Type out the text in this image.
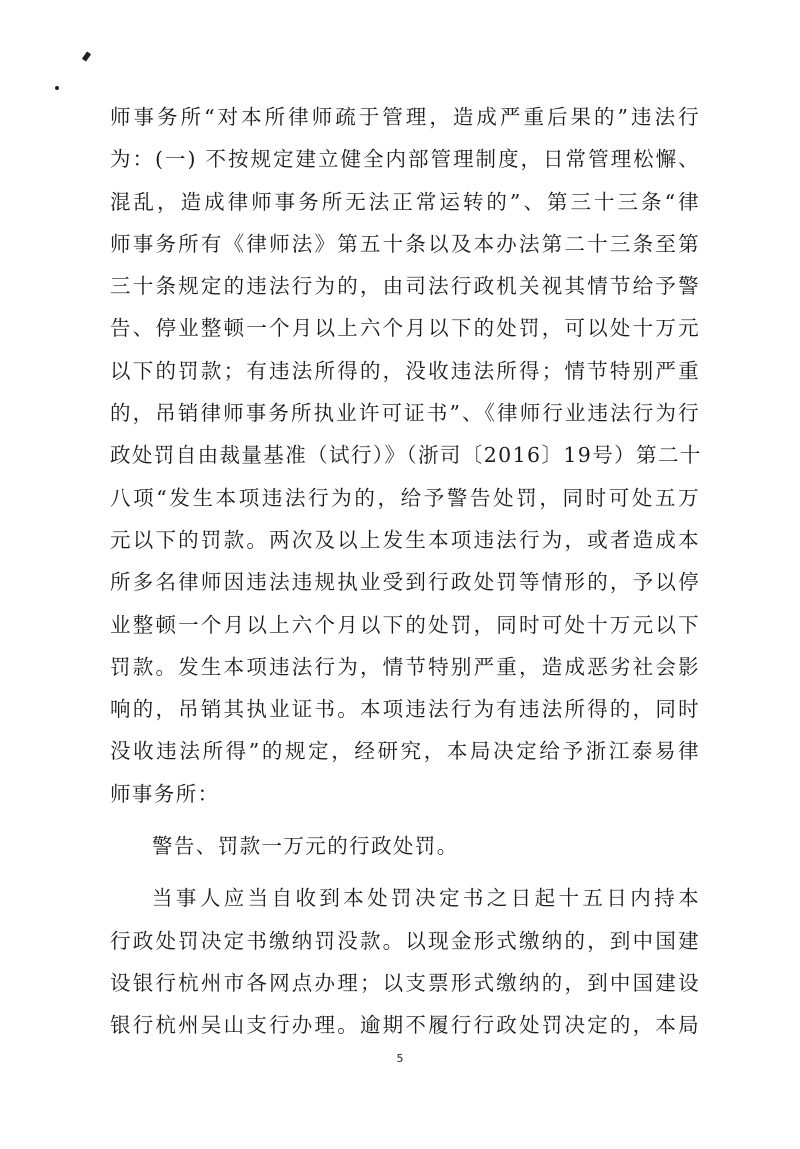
师事务所“对本所律师疏于管理，造成严重后果的”违法行
为：(一) 不按规定建立健全内部管理制度，日常管理松懈、
混乱，造成律师事务所无法正常运转的”、第三十三条“律
师事务所有《律师法》第五十条以及本办法第二十三条至第
三十条规定的违法行为的，由司法行政机关视其情节给予警
告、停业整顿一个月以上六个月以下的处罚，可以处十万元
以下的罚款；有违法所得的，没收违法所得；情节特别严重
的，吊销律师事务所执业许可证书”、《律师行业违法行为行
政处罚自由裁量基准（试行）》（浙司〔2016〕19号）第二十
八项“发生本项违法行为的，给予警告处罚，同时可处五万
元以下的罚款。两次及以上发生本项违法行为，或者造成本
所多名律师因违法违规执业受到行政处罚等情形的，予以停
业整顿一个月以上六个月以下的处罚，同时可处十万元以下
罚款。发生本项违法行为，情节特别严重，造成恶劣社会影
响的，吊销其执业证书。本项违法行为有违法所得的，同时
没收违法所得”的规定，经研究，本局决定给予浙江泰易律
师事务所：
警告、罚款一万元的行政处罚。
当事人应当自收到本处罚决定书之日起十五日内持本
行政处罚决定书缴纳罚没款。以现金形式缴纳的，到中国建
设银行杭州市各网点办理；以支票形式缴纳的，到中国建设
银行杭州吴山支行办理。逾期不履行行政处罚决定的，本局
5
